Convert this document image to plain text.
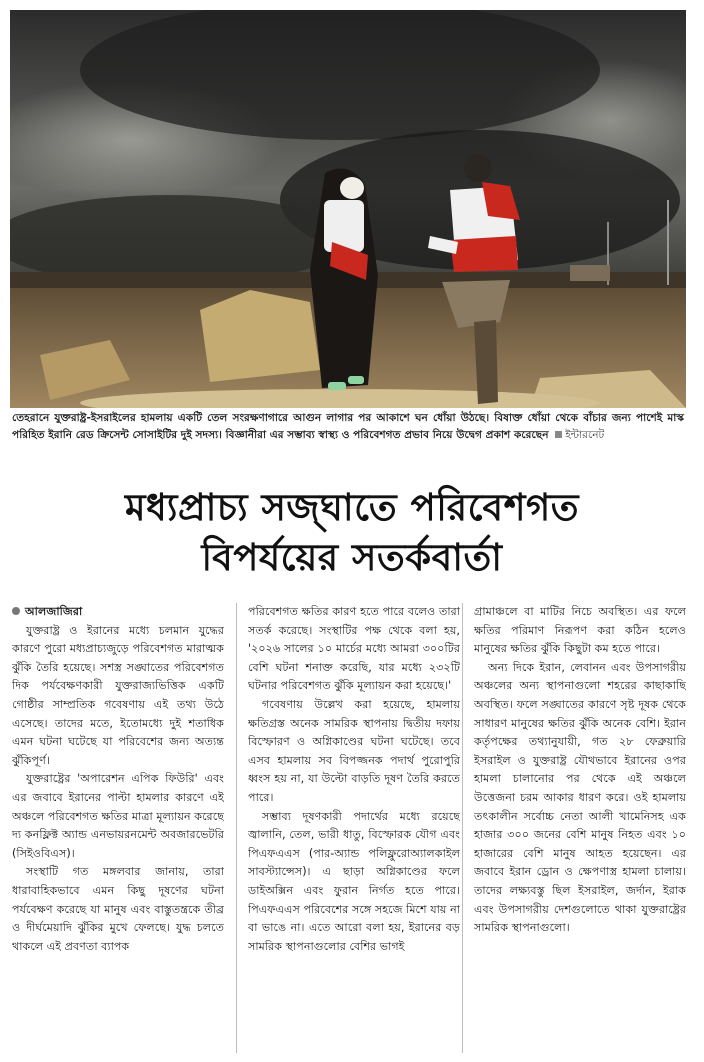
তেহরানে যুক্তরাষ্ট্র-ইসরাইলের হামলায় একটি তেল সংরক্ষণাগারে আগুন লাগার পর আকাশে ঘন ধোঁয়া উঠছে। বিষাক্ত ধোঁয়া থেকে বাঁচার জন্য পাশেই মাস্ক পরিহিত ইরানি রেড ক্রিসেন্ট সোসাইটির দুই সদস্য। বিজ্ঞানীরা এর সম্ভাব্য স্বাস্থ্য ও পরিবেশগত প্রভাব নিয়ে উদ্বেগ প্রকাশ করেছেন ইন্টারনেট
মধ্যপ্রাচ্য সজ্ঘাতে পরিবেশগত
বিপর্যয়ের সতর্কবার্তা

আলজাজিরা

যুক্তরাষ্ট্র ও ইরানের মধ্যে চলমান যুদ্ধের কারণে পুরো মধ্যপ্রাচ্যজুড়ে পরিবেশগত মারাত্মক ঝুঁকি তৈরি হয়েছে। সশস্ত্র সঙ্ঘাতের পরিবেশগত দিক পর্যবেক্ষণকারী যুক্তরাজ্যভিত্তিক একটি গোষ্ঠীর সাম্প্রতিক গবেষণায় এই তথ্য উঠে এসেছে। তাদের মতে, ইতোমধ্যে দুই শতাধিক এমন ঘটনা ঘটেছে যা পরিবেশের জন্য অত্যন্ত ঝুঁকিপূর্ণ।

যুক্তরাষ্ট্রের 'অপারেশন এপিক ফিউরি' এবং এর জবাবে ইরানের পাল্টা হামলার কারণে এই অঞ্চলে পরিবেশগত ক্ষতির মাত্রা মূল্যায়ন করেছে দ্য কনফ্লিক্ট অ্যান্ড এনভায়রনমেন্ট অবজারভেটরি (সিইওবিএস)।

সংস্থাটি গত মঙ্গলবার জানায়, তারা ধারাবাহিকভাবে এমন কিছু দূষণের ঘটনা পর্যবেক্ষণ করেছে যা মানুষ এবং বাস্তুতন্ত্রকে তীব্র ও দীর্ঘমেয়াদি ঝুঁকির মুখে ফেলছে। যুদ্ধ চলতে থাকলে এই প্রবণতা ব্যাপক

পরিবেশগত ক্ষতির কারণ হতে পারে বলেও তারা সতর্ক করেছে। সংস্থাটির পক্ষ থেকে বলা হয়, '২০২৬ সালের ১০ মার্চের মধ্যে আমরা ৩০০টির বেশি ঘটনা শনাক্ত করেছি, যার মধ্যে ২৩২টি ঘটনার পরিবেশগত ঝুঁকি মূল্যায়ন করা হয়েছে।'

গবেষণায় উল্লেখ করা হয়েছে, হামলায় ক্ষতিগ্রস্ত অনেক সামরিক স্থাপনায় দ্বিতীয় দফায় বিস্ফোরণ ও অগ্নিকাণ্ডের ঘটনা ঘটেছে। তবে এসব হামলায় সব বিপজ্জনক পদার্থ পুরোপুরি ধ্বংস হয় না, যা উল্টো বাড়তি দূষণ তৈরি করতে পারে।

সম্ভাব্য দূষণকারী পদার্থের মধ্যে রয়েছে জ্বালানি, তেল, ভারী ধাতু, বিস্ফোরক যৌগ এবং পিএফএএস (পার-অ্যান্ড পলিফ্লুরোঅ্যালকাইল সাবস্ট্যান্সেস)। এ ছাড়া অগ্নিকাণ্ডের ফলে ডাইঅক্সিন এবং ফুরান নির্গত হতে পারে। পিএফএএস পরিবেশের সঙ্গে সহজে মিশে যায় না বা ভাঙে না। এতে আরো বলা হয়, ইরানের বড় সামরিক স্থাপনাগুলোর বেশির ভাগই

গ্রামাঞ্চলে বা মাটির নিচে অবস্থিত। এর ফলে ক্ষতির পরিমাণ নিরূপণ করা কঠিন হলেও মানুষের ক্ষতির ঝুঁকি কিছুটা কম হতে পারে।

অন্য দিকে ইরান, লেবানন এবং উপসাগরীয় অঞ্চলের অন্য স্থাপনাগুলো শহরের কাছাকাছি অবস্থিত। ফলে সঙ্ঘাতের কারণে সৃষ্ট দূষক থেকে সাধারণ মানুষের ক্ষতির ঝুঁকি অনেক বেশি। ইরান কর্তৃপক্ষের তথ্যানুযায়ী, গত ২৮ ফেব্রুয়ারি ইসরাইল ও যুক্তরাষ্ট্র যৌথভাবে ইরানের ওপর হামলা চালানোর পর থেকে এই অঞ্চলে উত্তেজনা চরম আকার ধারণ করে। ওই হামলায় তৎকালীন সর্বোচ্চ নেতা আলী খামেনিসহ এক হাজার ৩০০ জনের বেশি মানুষ নিহত এবং ১০ হাজারের বেশি মানুষ আহত হয়েছেন। এর জবাবে ইরান ড্রোন ও ক্ষেপণাস্ত্র হামলা চালায়। তাদের লক্ষ্যবস্তু ছিল ইসরাইল, জর্দান, ইরাক এবং উপসাগরীয় দেশগুলোতে থাকা যুক্তরাষ্ট্রের সামরিক স্থাপনাগুলো।
